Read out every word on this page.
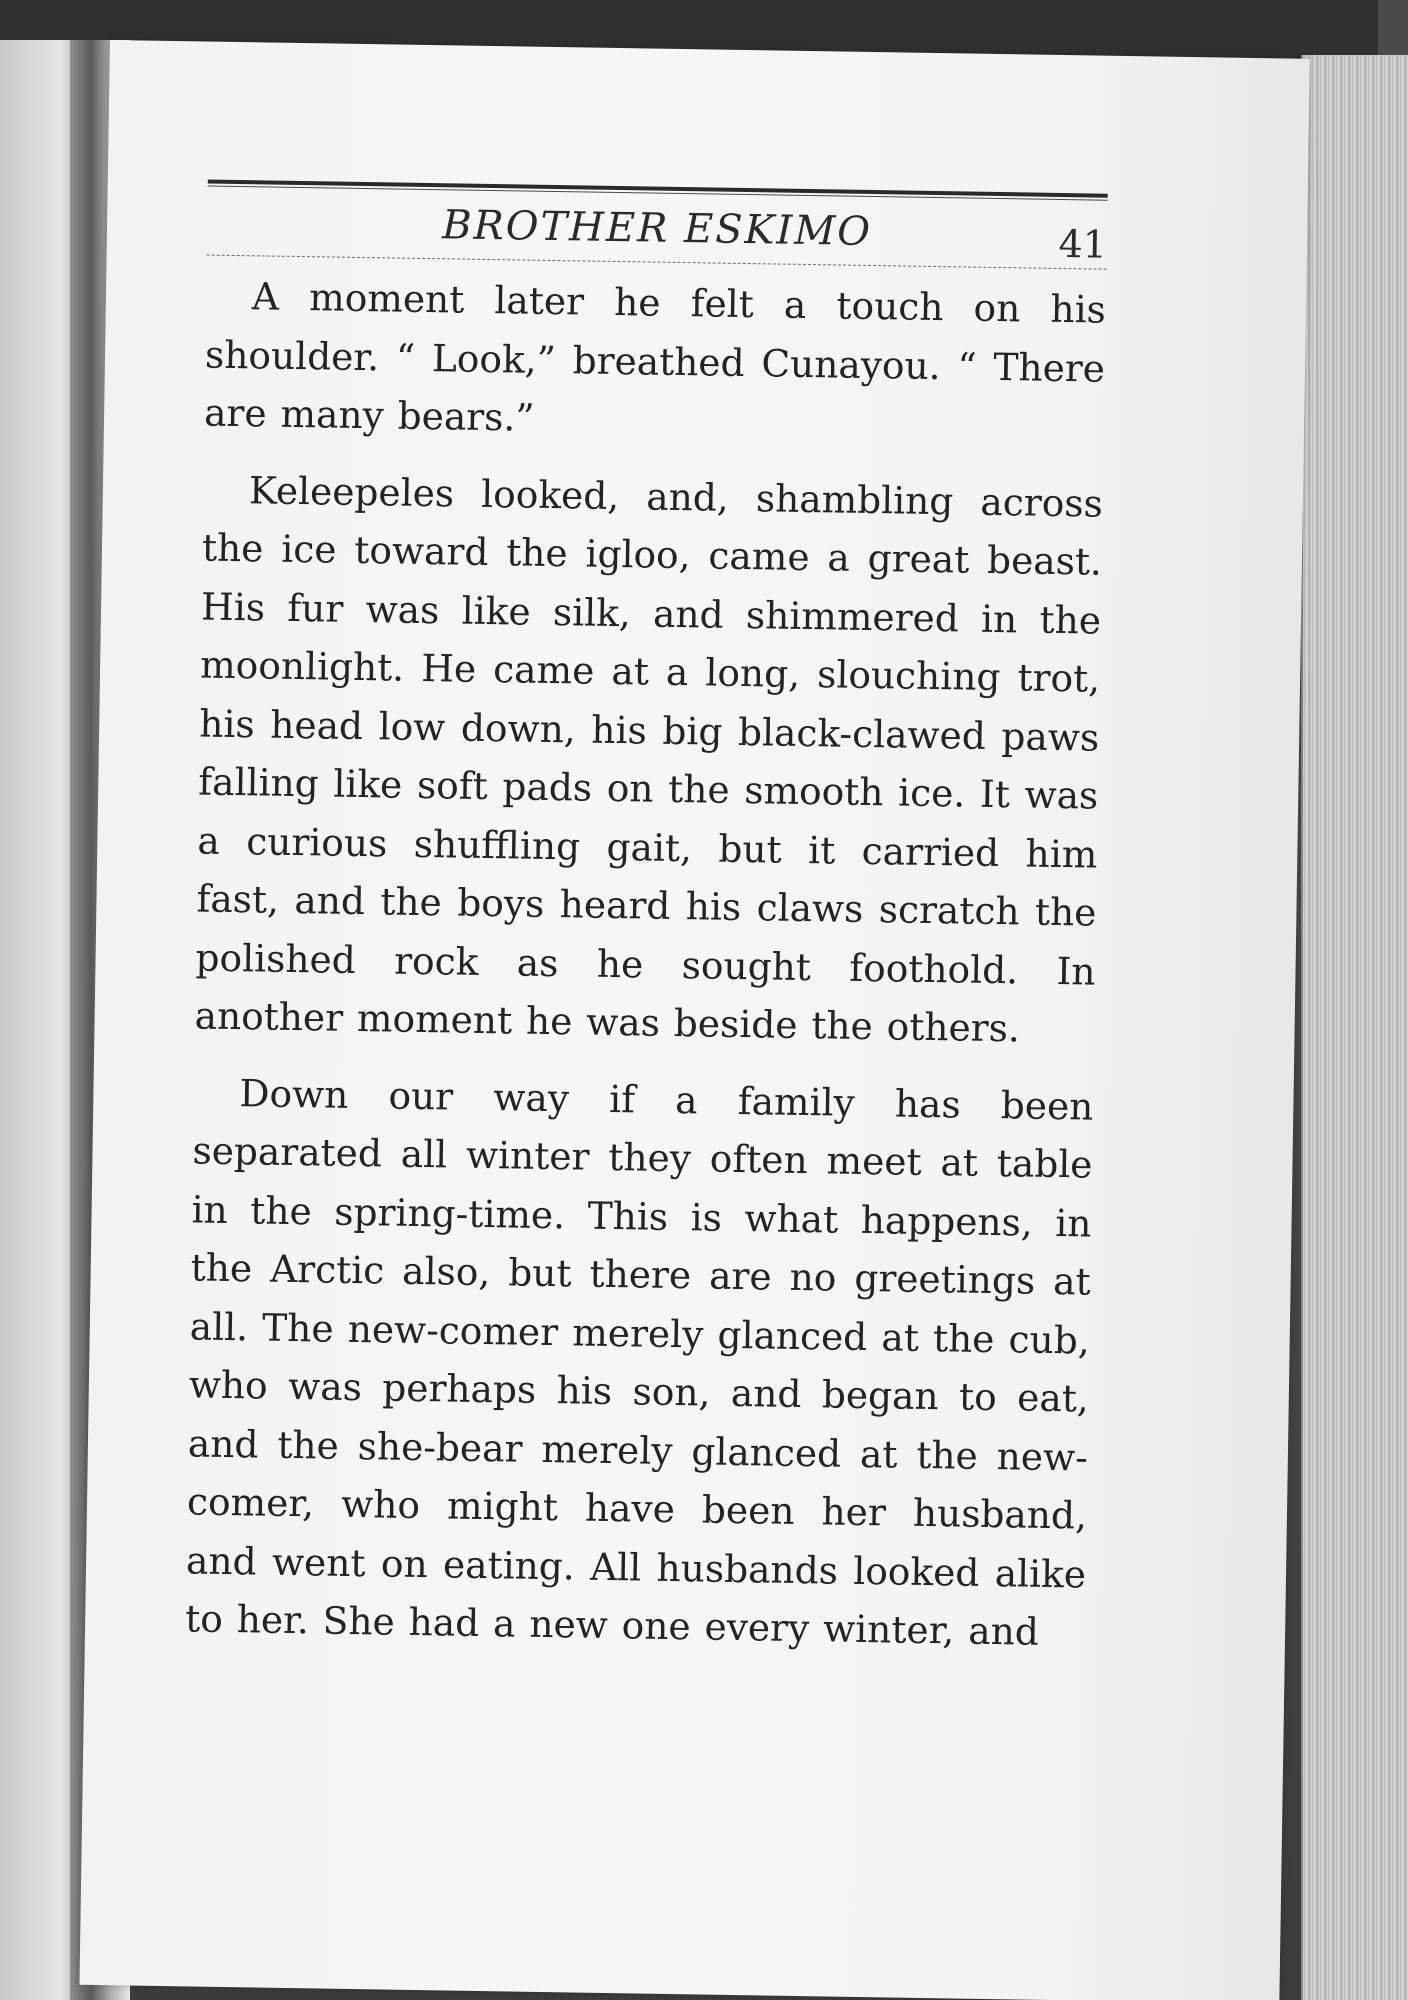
BROTHER ESKIMO	41

A moment later he felt a touch on his shoulder. “ Look,” breathed Cunayou. “ There are many bears.”

Keleepeles looked, and, shambling across the ice toward the igloo, came a great beast. His fur was like silk, and shimmered in the moonlight. He came at a long, slouching trot, his head low down, his big black-clawed paws falling like soft pads on the smooth ice. It was a curious shuffling gait, but it carried him fast, and the boys heard his claws scratch the polished rock as he sought foothold. In another moment he was beside the others.

Down our way if a family has been separated all winter they often meet at table in the spring-time. This is what happens, in the Arctic also, but there are no greetings at all. The new-comer merely glanced at the cub, who was perhaps his son, and began to eat, and the she-bear merely glanced at the new-comer, who might have been her husband, and went on eating. All husbands looked alike to her. She had a new one every winter, and
